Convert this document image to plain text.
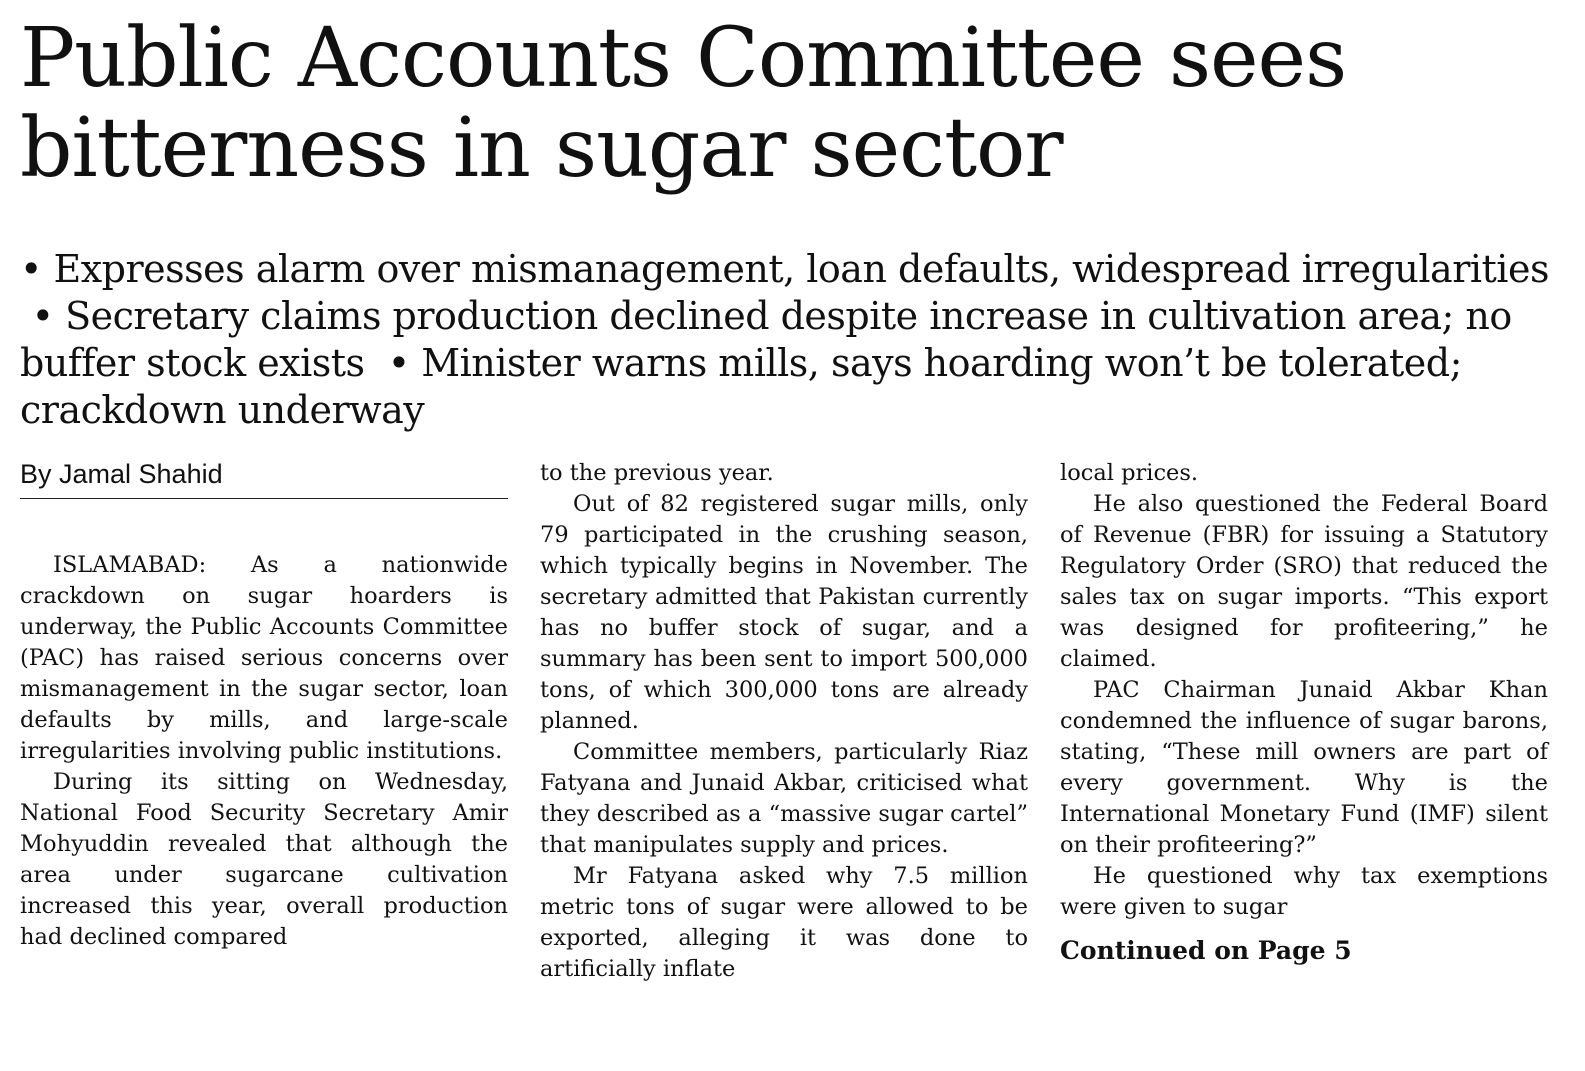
Public Accounts Committee sees bitterness in sugar sector
• Expresses alarm over mismanagement, loan defaults, widespread irregularities  • Secretary claims production declined despite increase in cultivation area; no buffer stock exists • Minister warns mills, says hoarding won’t be tolerated; crackdown underway
By Jamal Shahid

ISLAMABAD: As a nationwide crackdown on sugar hoarders is underway, the Public Accounts Committee (PAC) has raised serious concerns over mismanagement in the sugar sector, loan defaults by mills, and large-scale irregularities involving public institutions.

During its sitting on Wednesday, National Food Security Secretary Amir Mohyuddin revealed that although the area under sugarcane cultivation increased this year, overall production had declined compared

to the previous year.

Out of 82 registered sugar mills, only 79 participated in the crushing season, which typically begins in November. The secretary admitted that Pakistan currently has no buffer stock of sugar, and a summary has been sent to import 500,000 tons, of which 300,000 tons are already planned.

Committee members, particularly Riaz Fatyana and Junaid Akbar, criticised what they described as a “massive sugar cartel” that manipulates supply and prices.

Mr Fatyana asked why 7.5 million metric tons of sugar were allowed to be exported, alleging it was done to artificially inflate

local prices.

He also questioned the Federal Board of Revenue (FBR) for issuing a Statutory Regulatory Order (SRO) that reduced the sales tax on sugar imports. “This export was designed for profiteering,” he claimed.

PAC Chairman Junaid Akbar Khan condemned the influence of sugar barons, stating, “These mill owners are part of every government. Why is the International Monetary Fund (IMF) silent on their profiteering?”

He questioned why tax exemptions were given to sugar

Continued on Page 5
